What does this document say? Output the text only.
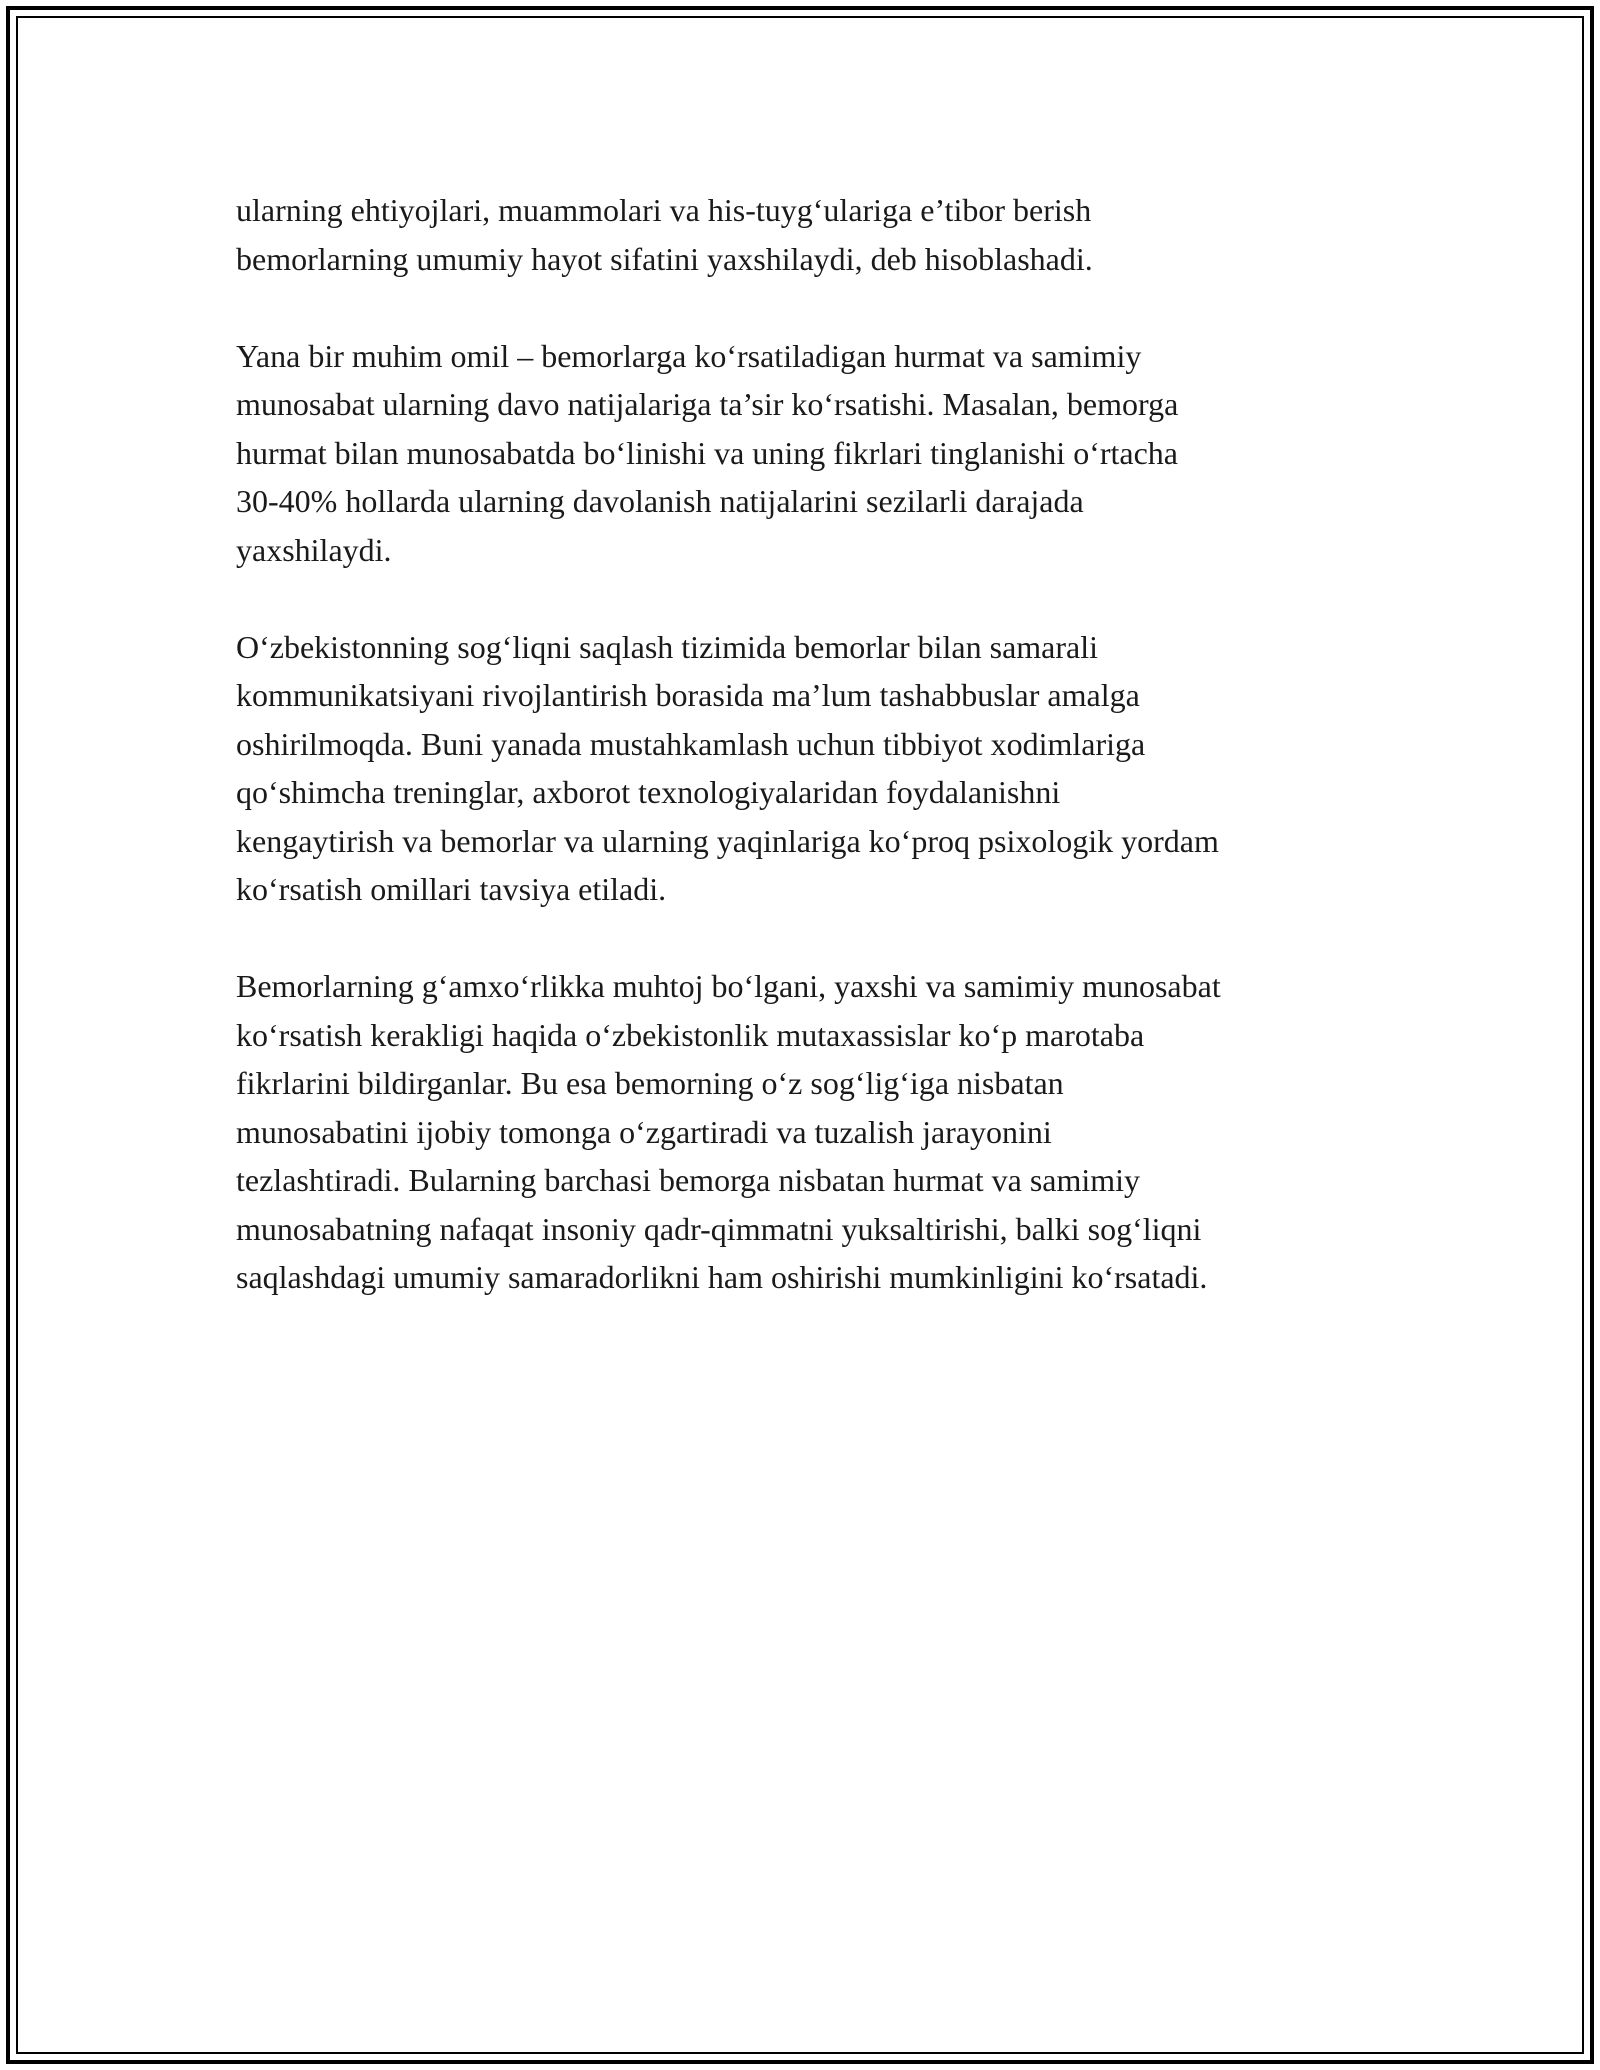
ularning ehtiyojlari, muammolari va his-tuyg‘ulariga e’tibor berish
bemorlarning umumiy hayot sifatini yaxshilaydi, deb hisoblashadi.

Yana bir muhim omil – bemorlarga ko‘rsatiladigan hurmat va samimiy
munosabat ularning davo natijalariga ta’sir ko‘rsatishi. Masalan, bemorga
hurmat bilan munosabatda bo‘linishi va uning fikrlari tinglanishi o‘rtacha
30-40% hollarda ularning davolanish natijalarini sezilarli darajada
yaxshilaydi.

O‘zbekistonning sog‘liqni saqlash tizimida bemorlar bilan samarali
kommunikatsiyani rivojlantirish borasida ma’lum tashabbuslar amalga
oshirilmoqda. Buni yanada mustahkamlash uchun tibbiyot xodimlariga
qo‘shimcha treninglar, axborot texnologiyalaridan foydalanishni
kengaytirish va bemorlar va ularning yaqinlariga ko‘proq psixologik yordam
ko‘rsatish omillari tavsiya etiladi.

Bemorlarning g‘amxo‘rlikka muhtoj bo‘lgani, yaxshi va samimiy munosabat
ko‘rsatish kerakligi haqida o‘zbekistonlik mutaxassislar ko‘p marotaba
fikrlarini bildirganlar. Bu esa bemorning o‘z sog‘lig‘iga nisbatan
munosabatini ijobiy tomonga o‘zgartiradi va tuzalish jarayonini
tezlashtiradi. Bularning barchasi bemorga nisbatan hurmat va samimiy
munosabatning nafaqat insoniy qadr-qimmatni yuksaltirishi, balki sog‘liqni
saqlashdagi umumiy samaradorlikni ham oshirishi mumkinligini ko‘rsatadi.
